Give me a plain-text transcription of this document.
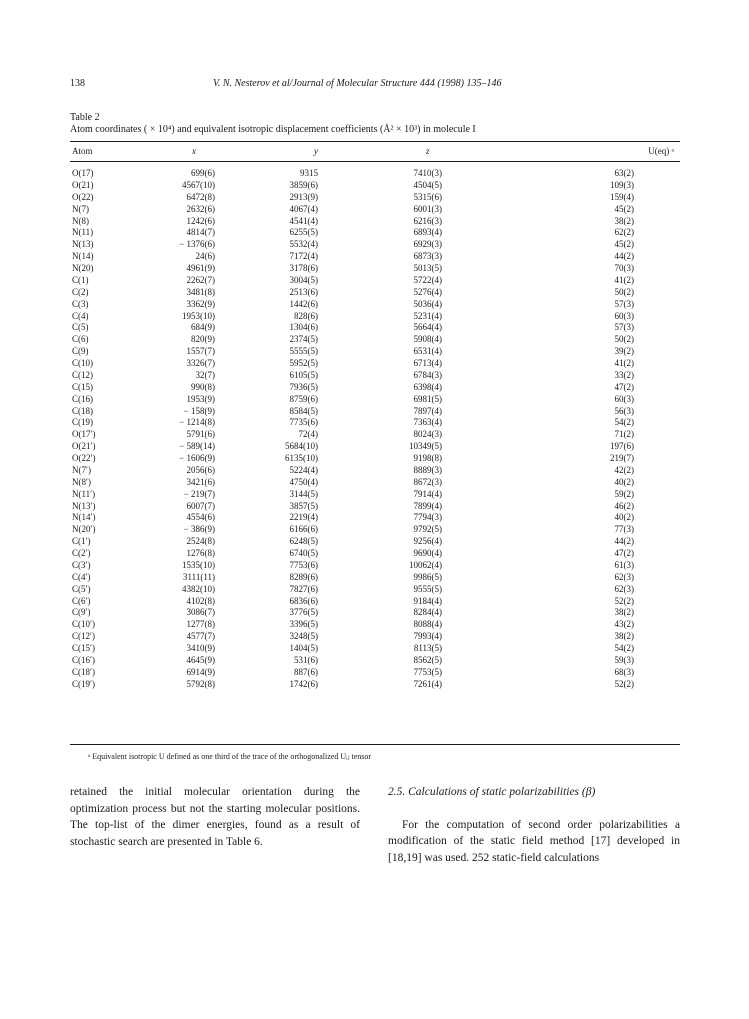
138	V. N. Nesterov et al/Journal of Molecular Structure 444 (1998) 135–146
Table 2
Atom coordinates ( × 10⁴) and equivalent isotropic displacement coefficients (Å² × 10³) in molecule I
Atom	x	y	z	U(eq) ᵃ
O(17)	699(6)	9315	7410(3)	63(2)
O(21)	4567(10)	3859(6)	4504(5)	109(3)
O(22)	6472(8)	2913(9)	5315(6)	159(4)
N(7)	2632(6)	4067(4)	6001(3)	45(2)
N(8)	1242(6)	4541(4)	6216(3)	38(2)
N(11)	4814(7)	6255(5)	6893(4)	62(2)
N(13)	− 1376(6)	5532(4)	6929(3)	45(2)
N(14)	24(6)	7172(4)	6873(3)	44(2)
N(20)	4961(9)	3178(6)	5013(5)	70(3)
C(1)	2262(7)	3004(5)	5722(4)	41(2)
C(2)	3481(8)	2513(6)	5276(4)	50(2)
C(3)	3362(9)	1442(6)	5036(4)	57(3)
C(4)	1953(10)	828(6)	5231(4)	60(3)
C(5)	684(9)	1304(6)	5664(4)	57(3)
C(6)	820(9)	2374(5)	5908(4)	50(2)
C(9)	1557(7)	5555(5)	6531(4)	39(2)
C(10)	3326(7)	5952(5)	6713(4)	41(2)
C(12)	32(7)	6105(5)	6784(3)	33(2)
C(15)	990(8)	7936(5)	6398(4)	47(2)
C(16)	1953(9)	8759(6)	6981(5)	60(3)
C(18)	− 158(9)	8584(5)	7897(4)	56(3)
C(19)	− 1214(8)	7735(6)	7363(4)	54(2)
O(17′)	5791(6)	72(4)	8024(3)	71(2)
O(21′)	− 589(14)	5684(10)	10349(5)	197(6)
O(22′)	− 1606(9)	6135(10)	9198(8)	219(7)
N(7′)	2056(6)	5224(4)	8889(3)	42(2)
N(8′)	3421(6)	4750(4)	8672(3)	40(2)
N(11′)	− 219(7)	3144(5)	7914(4)	59(2)
N(13′)	6007(7)	3857(5)	7899(4)	46(2)
N(14′)	4554(6)	2219(4)	7794(3)	40(2)
N(20′)	− 386(9)	6166(6)	9792(5)	77(3)
C(1′)	2524(8)	6248(5)	9256(4)	44(2)
C(2′)	1276(8)	6740(5)	9690(4)	47(2)
C(3′)	1535(10)	7753(6)	10062(4)	61(3)
C(4′)	3111(11)	8289(6)	9986(5)	62(3)
C(5′)	4382(10)	7827(6)	9555(5)	62(3)
C(6′)	4102(8)	6836(6)	9184(4)	52(2)
C(9′)	3086(7)	3776(5)	8284(4)	38(2)
C(10′)	1277(8)	3396(5)	8088(4)	43(2)
C(12′)	4577(7)	3248(5)	7993(4)	38(2)
C(15′)	3410(9)	1404(5)	8113(5)	54(2)
C(16′)	4645(9)	531(6)	8562(5)	59(3)
C(18′)	6914(9)	887(6)	7753(5)	68(3)
C(19′)	5792(8)	1742(6)	7261(4)	52(2)
ᵃ Equivalent isotropic U defined as one third of the trace of the orthogonalized Uᵢⱼ tensor
retained the initial molecular orientation during the optimization process but not the starting molecular positions. The top-list of the dimer energies, found as a result of stochastic search are presented in Table 6.

2.5. Calculations of static polarizabilities (β)

For the computation of second order polarizabilities a modification of the static field method [17] developed in [18,19] was used. 252 static-field calculations
